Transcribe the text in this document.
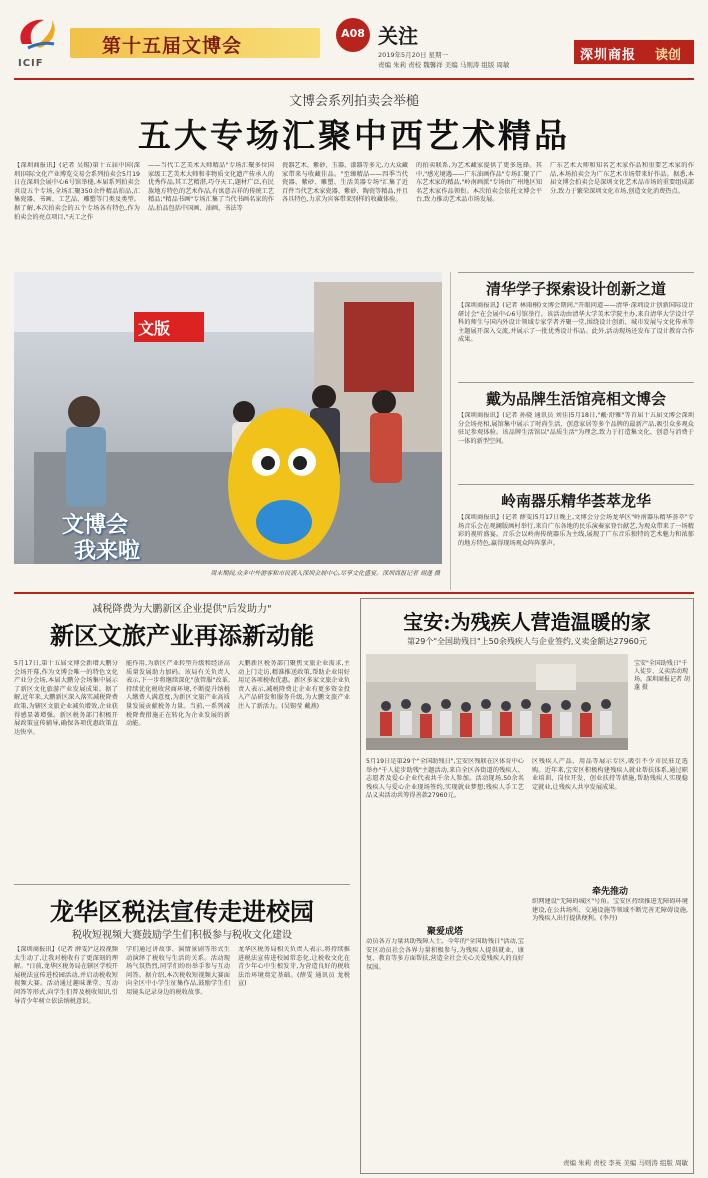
ICIF
第十五届文博会
A08 关注
2019年5月20日 星期一
责编 朱莉 责校 魏馨祥 美编 马则涛 组版 周敏
深圳商报 读创
文博会系列拍卖会举槌
五大专场汇聚中西艺术精品
【深圳商报讯】(记者 吴锡)第十五届中国(深圳)国际文化产业博览交易会系列拍卖会5月19日在深圳会展中心6号馆举槌,本届系列拍卖会共设五个专场,全场汇聚350余件精品拍品,汇集瓷器、书画、工艺品、雕塑等门类及类型。据了解,本次拍卖会的五个专场各有特色,作为拍卖会的亮点项目,"天工之作
——当代工艺美术大师精品"专场汇聚多位国家级工艺美术大师和非物质文化遗产传承人的优秀作品,其工艺精湛,巧夺天工,题材广泛,有民族地方特色的艺术作品,有寓意吉祥的传统工艺精品;"精品书画"专场汇集了当代书画名家的作品,拍品包括中国画、油画、书法等
瓷器艺术、紫砂、玉器、漆器等多元,力大众藏家带来与收藏佳品。"至臻精品——四季当代瓷器、紫砂、雕塑、生活美器专场"汇集了近百件当代艺术家瓷器、紫砂、陶瓷等精品,并且各具特色,力求为宾客带来别样的收藏体验。
的拍卖联系,为艺术藏家提供了更多选择。其中,"感光境遇——广东油画作品"专场汇聚了广东艺术家的精品,"岭南画派"专场由广州地区知名艺术家作品领衔。本次拍卖会依托文博会平台,致力推动艺术品市场发展。
广东艺术大师和知名艺术家作品和重要艺术家的作品,本场拍卖会为广东艺术市场带来好作品。据悉,本届文博会拍卖会是深圳文化艺术品市场的重要组成部分,致力于繁荣深圳文化市场,创造文化消费热点。
文版
文博会
我来啦
周末期间,众多中外游客和市民涌入深圳会展中心,尽享文化盛宴。深圳商报记者 胡蓬 摄
清华学子探索设计创新之道
【深圳商报讯】(记者 林雨桐)文博会期间,"开眼问道——清华·深圳设计创新国际设计研讨会"在会展中心6号馆举行。该活动由清华大学美术学院主办,来自清华大学设计学科的师生与国内外设计领域专家学者齐聚一堂,围绕设计创新、城市发展与文化传承等主题展开深入交流,并展示了一批优秀设计作品。此外,活动现场还发布了设计教育合作成果。
戴为品牌生活馆亮相文博会
【深圳商报讯】(记者 孙骁 通讯员 刘佳)5月18日,"戴·舒雅"等首届十五届文博会深圳分会场亮相,展馆集中展示了时尚生活、创意家居等多个品牌的最新产品,吸引众多观众驻足参观体验。该品牌生活馆以"品质生活"为理念,致力于打造集文化、创意与消费于一体的新型空间。
岭南器乐精华荟萃龙华
【深圳商报讯】(记者 薛雯)5月17日晚上,文博会分会场龙华区"岭南器乐精华荟萃"专场音乐会在观澜版画村举行,来自广东各地的民乐演奏家登台献艺,为观众带来了一场精彩的视听盛宴。音乐会以岭南传统器乐为主线,展现了广东音乐独特的艺术魅力和浓郁的地方特色,赢得现场观众阵阵掌声。
减税降费为大鹏新区企业提供"后发助力"
新区文旅产业再添新动能
5月17日,第十五届文博会新增大鹏分会场开幕,作为文博会唯一的特色文化产业分会场,本届大鹏分会场集中展示了新区文化旅游产业发展成果。据了解,近年来,大鹏新区深入落实减税降费政策,为辖区文旅企业减负增效,企业获得感显著增强。新区税务部门积极开展政策宣传辅导,确保各项优惠政策直达快享。
能作用,为新区产业转型升级和经济高质量发展助力加码。该局有关负责人表示,下一步将继续深化"放管服"改革,持续优化税收营商环境,不断提升纳税人缴费人满意度,为新区文旅产业高质量发展贡献税务力量。当前,一系列减税降费措施正在转化为企业发展的新动能。
大鹏新区税务部门聚焦文旅企业需求,主动上门走访,精准推送政策,帮助企业用好用足各项税收优惠。新区多家文旅企业负责人表示,减税降费让企业有更多资金投入产品研发和服务升级,为大鹏文旅产业注入了新活力。(吴锡莹 戴燕)
龙华区税法宣传走进校园
税收短视频大赛鼓励学生们积极参与税收文化建设
【深圳商报讯】(记者 薛雯)"这段视频太生动了,让我对税收有了更深刻的理解。"日前,龙华区税务局在辖区学校开展税法宣传进校园活动,并启动税收短视频大赛。活动通过趣味课堂、互动问答等形式,向学生们普及税收知识,引导青少年树立依法纳税意识。
学们通过讲故事、演情景剧等形式生动演绎了税收与生活的关系。活动现场气氛热烈,同学们纷纷举手参与互动问答。据介绍,本次税收短视频大赛面向全区中小学生征集作品,鼓励学生们用镜头记录身边的税收故事。
龙华区税务局相关负责人表示,将持续推进税法宣传进校园常态化,让税收文化在青少年心中生根发芽,为营造良好的税收法治环境奠定基础。(薛雯 通讯员 龙税宣)
宝安:为残疾人营造温暖的家
第29个"全国助残日"上50余残疾人与企业签约,义卖金额达27960元
宝安"全国助残日"千人徒步、义卖活动现场。深圳商报记者 胡蓬 摄
5月19日是第29个"全国助残日",宝安区残联在区体育中心举办"千人徒步助残"主题活动,来自全区各街道的残疾人、志愿者及爱心企业代表共千余人参加。活动现场,50余名残疾人与爱心企业现场签约,实现就业梦想;残疾人手工艺品义卖活动共筹得善款27960元。
区残疾人产品、用品等展示专区,吸引不少市民驻足选购。近年来,宝安区积极构建残疾人就业帮扶体系,通过职业培训、岗位开发、创业扶持等措施,帮助残疾人实现稳定就业,让残疾人共享发展成果。
聚爱成塔
动员各方力量共助残障人士。今年的"全国助残日"活动,宝安区动员社会各界力量积极参与,为残疾人提供就业、康复、教育等多方面帮扶,营造全社会关心关爱残疾人的良好氛围。
牵先推动
织网建设"无障碍城区"号角。宝安区持续推进无障碍环境建设,在公共场所、交通设施等领域不断完善无障碍设施,为残疾人出行提供便利。(李丹)
责编 朱莉 责校 李英 美编 马则涛 组版 周敏
